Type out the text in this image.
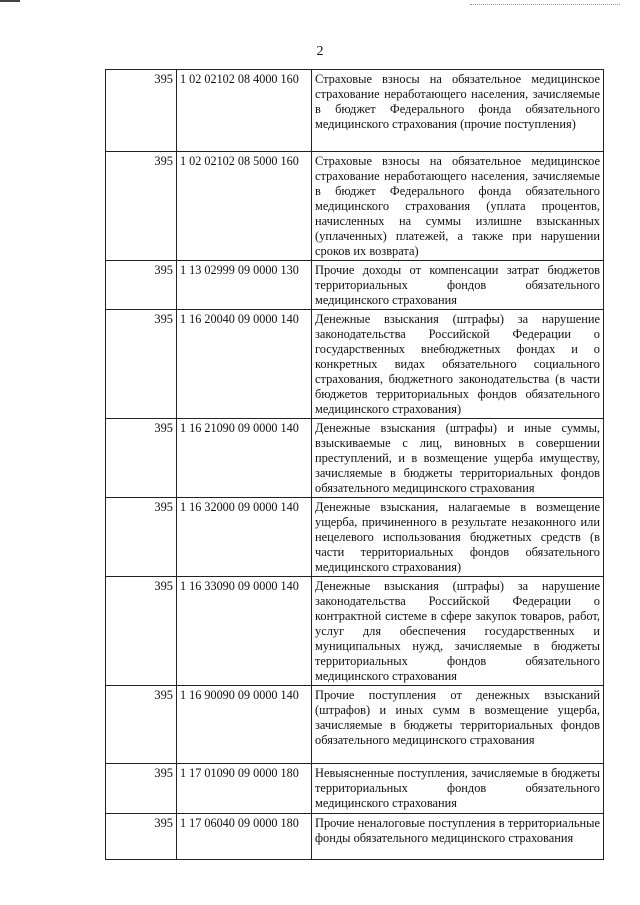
2
395	1 02 02102 08 4000 160	Страховые взносы на обязательное медицинское страхование неработающего населения, зачисляемые в бюджет Федерального фонда обязательного медицинского страхования (прочие поступления)
395	1 02 02102 08 5000 160	Страховые взносы на обязательное медицинское страхование неработающего населения, зачисляемые в бюджет Федерального фонда обязательного медицинского страхования (уплата процентов, начисленных на суммы излишне взысканных (уплаченных) платежей, а также при нарушении сроков их возврата)
395	1 13 02999 09 0000 130	Прочие доходы от компенсации затрат бюджетов территориальных фондов обязательного медицинского страхования
395	1 16 20040 09 0000 140	Денежные взыскания (штрафы) за нарушение законодательства Российской Федерации о государственных внебюджетных фондах и о конкретных видах обязательного социального страхования, бюджетного законодательства (в части бюджетов территориальных фондов обязательного медицинского страхования)
395	1 16 21090 09 0000 140	Денежные взыскания (штрафы) и иные суммы, взыскиваемые с лиц, виновных в совершении преступлений, и в возмещение ущерба имуществу, зачисляемые в бюджеты территориальных фондов обязательного медицинского страхования
395	1 16 32000 09 0000 140	Денежные взыскания, налагаемые в возмещение ущерба, причиненного в результате незаконного или нецелевого использования бюджетных средств (в части территориальных фондов обязательного медицинского страхования)
395	1 16 33090 09 0000 140	Денежные взыскания (штрафы) за нарушение законодательства Российской Федерации о контрактной системе в сфере закупок товаров, работ, услуг для обеспечения государственных и муниципальных нужд, зачисляемые в бюджеты территориальных фондов обязательного медицинского страхования
395	1 16 90090 09 0000 140	Прочие поступления от денежных взысканий (штрафов) и иных сумм в возмещение ущерба, зачисляемые в бюджеты территориальных фондов обязательного медицинского страхования
395	1 17 01090 09 0000 180	Невыясненные поступления, зачисляемые в бюджеты территориальных фондов обязательного медицинского страхования
395	1 17 06040 09 0000 180	Прочие неналоговые поступления в территориальные фонды обязательного медицинского страхования
